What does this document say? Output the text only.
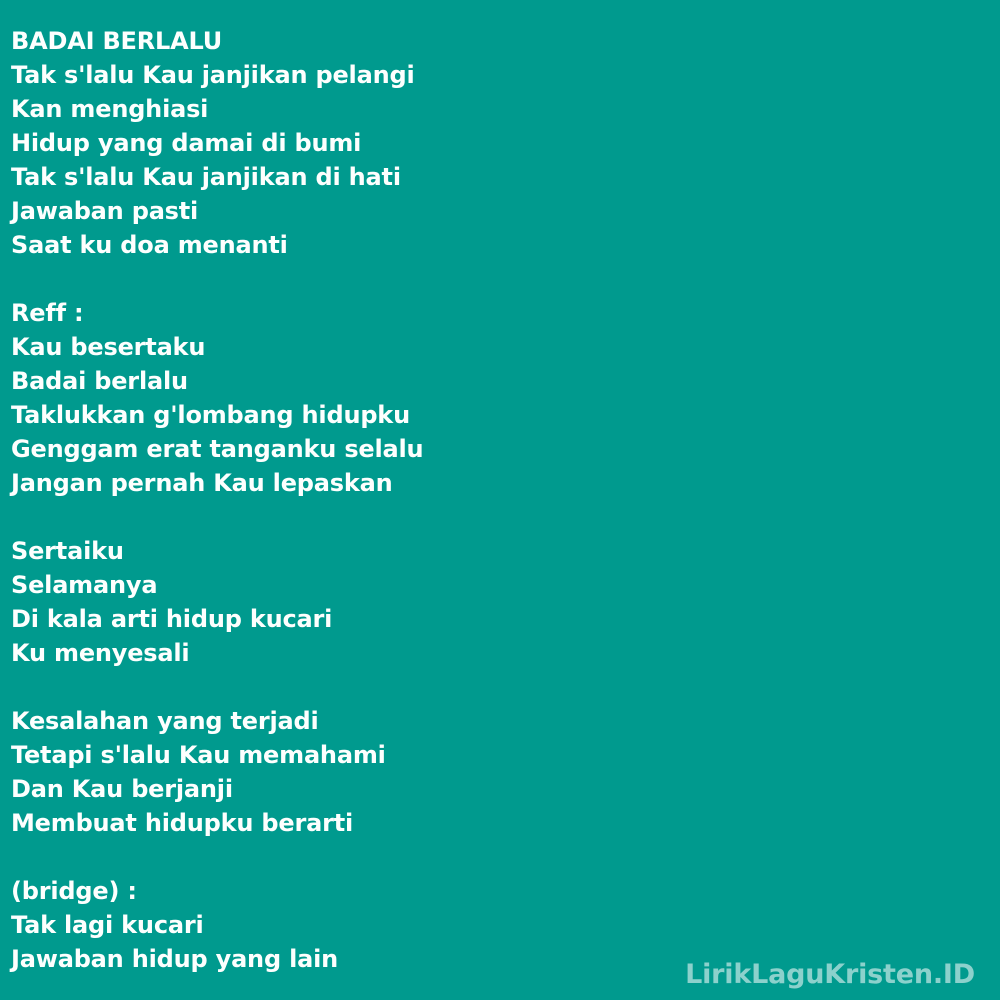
BADAI BERLALU
Tak s'lalu Kau janjikan pelangi
Kan menghiasi
Hidup yang damai di bumi
Tak s'lalu Kau janjikan di hati
Jawaban pasti
Saat ku doa menanti
Reff :
Kau besertaku
Badai berlalu
Taklukkan g'lombang hidupku
Genggam erat tanganku selalu
Jangan pernah Kau lepaskan
Sertaiku
Selamanya
Di kala arti hidup kucari
Ku menyesali
Kesalahan yang terjadi
Tetapi s'lalu Kau memahami
Dan Kau berjanji
Membuat hidupku berarti
(bridge) :
Tak lagi kucari
Jawaban hidup yang lain	LirikLaguKristen.ID
